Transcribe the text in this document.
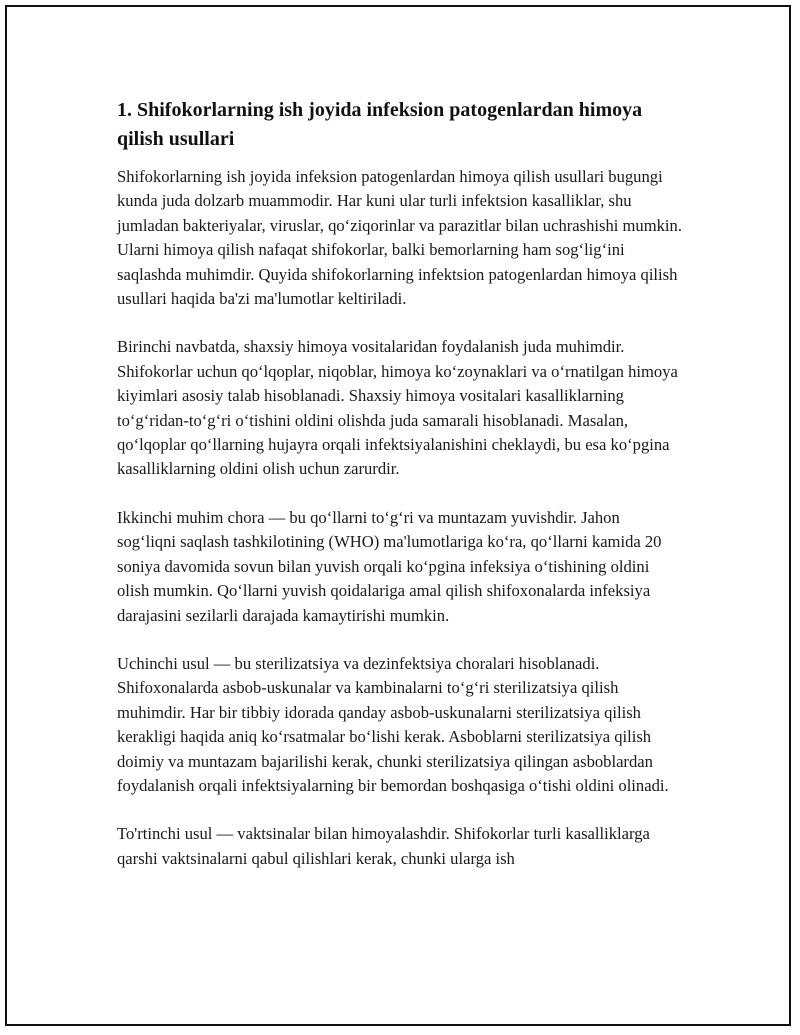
1. Shifokorlarning ish joyida infeksion patogenlardan himoya qilish usullari

Shifokorlarning ish joyida infeksion patogenlardan himoya qilish usullari bugungi kunda juda dolzarb muammodir. Har kuni ular turli infektsion kasalliklar, shu jumladan bakteriyalar, viruslar, qo‘ziqorinlar va parazitlar bilan uchrashishi mumkin. Ularni himoya qilish nafaqat shifokorlar, balki bemorlarning ham sog‘lig‘ini saqlashda muhimdir. Quyida shifokorlarning infektsion patogenlardan himoya qilish usullari haqida ba'zi ma'lumotlar keltiriladi.

Birinchi navbatda, shaxsiy himoya vositalaridan foydalanish juda muhimdir. Shifokorlar uchun qo‘lqoplar, niqoblar, himoya ko‘zoynaklari va o‘rnatilgan himoya kiyimlari asosiy talab hisoblanadi. Shaxsiy himoya vositalari kasalliklarning to‘g‘ridan-to‘g‘ri o‘tishini oldini olishda juda samarali hisoblanadi. Masalan, qo‘lqoplar qo‘llarning hujayra orqali infektsiyalanishini cheklaydi, bu esa ko‘pgina kasalliklarning oldini olish uchun zarurdir.

Ikkinchi muhim chora — bu qo‘llarni to‘g‘ri va muntazam yuvishdir. Jahon sog‘liqni saqlash tashkilotining (WHO) ma'lumotlariga ko‘ra, qo‘llarni kamida 20 soniya davomida sovun bilan yuvish orqali ko‘pgina infeksiya o‘tishining oldini olish mumkin. Qo‘llarni yuvish qoidalariga amal qilish shifoxonalarda infeksiya darajasini sezilarli darajada kamaytirishi mumkin.

Uchinchi usul — bu sterilizatsiya va dezinfektsiya choralari hisoblanadi. Shifoxonalarda asbob-uskunalar va kambinalarni to‘g‘ri sterilizatsiya qilish muhimdir. Har bir tibbiy idorada qanday asbob-uskunalarni sterilizatsiya qilish kerakligi haqida aniq ko‘rsatmalar bo‘lishi kerak. Asboblarni sterilizatsiya qilish doimiy va muntazam bajarilishi kerak, chunki sterilizatsiya qilingan asboblardan foydalanish orqali infektsiyalarning bir bemordan boshqasiga o‘tishi oldini olinadi.

To'rtinchi usul — vaktsinalar bilan himoyalashdir. Shifokorlar turli kasalliklarga qarshi vaktsinalarni qabul qilishlari kerak, chunki ularga ish
